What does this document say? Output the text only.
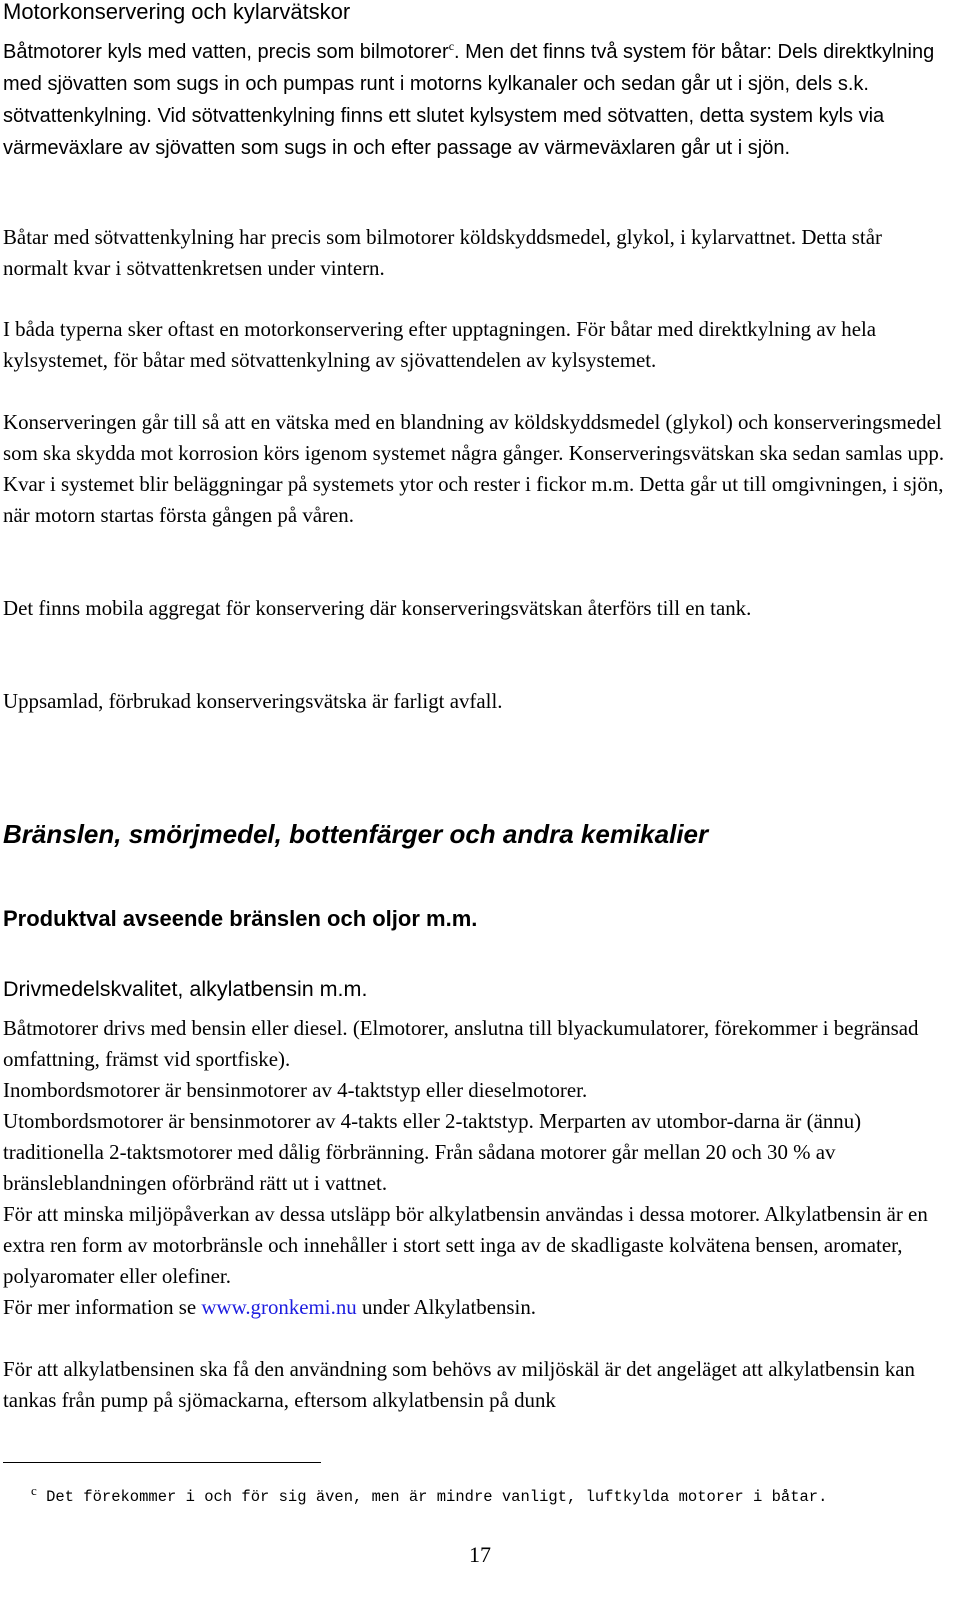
Motorkonservering och kylarvätskor

Båtmotorer kyls med vatten, precis som bilmotorer$^c$. Men det finns två system för båtar: Dels direktkylning med sjövatten som sugs in och pumpas runt i motorns kylkanaler och sedan går ut i sjön, dels s.k. sötvattenkylning. Vid sötvattenkylning finns ett slutet kylsystem med sötvatten, detta system kyls via värmeväxlare av sjövatten som sugs in och efter passage av värmeväxlaren går ut i sjön.

Båtar med sötvattenkylning har precis som bilmotorer köldskyddsmedel, glykol, i kylarvattnet. Detta står normalt kvar i sötvattenkretsen under vintern.

I båda typerna sker oftast en motorkonservering efter upptagningen. För båtar med direktkylning av hela kylsystemet, för båtar med sötvattenkylning av sjövattendelen av kylsystemet.

Konserveringen går till så att en vätska med en blandning av köldskyddsmedel (glykol) och konserveringsmedel som ska skydda mot korrosion körs igenom systemet några gånger. Konserveringsvätskan ska sedan samlas upp. Kvar i systemet blir beläggningar på systemets ytor och rester i fickor m.m. Detta går ut till omgivningen, i sjön, när motorn startas första gången på våren.

Det finns mobila aggregat för konservering där konserveringsvätskan återförs till en tank.

Uppsamlad, förbrukad konserveringsvätska är farligt avfall.

Bränslen, smörjmedel, bottenfärger och andra kemikalier
Produktval avseende bränslen och oljor m.m.
Drivmedelskvalitet, alkylatbensin m.m.

Båtmotorer drivs med bensin eller diesel. (Elmotorer, anslutna till blyackumulatorer, förekommer i begränsad omfattning, främst vid sportfiske).

Inombordsmotorer är bensinmotorer av 4-taktstyp eller dieselmotorer.

Utombordsmotorer är bensinmotorer av 4-takts eller 2-taktstyp. Merparten av utombor-darna är (ännu) traditionella 2-taktsmotorer med dålig förbränning. Från sådana motorer går mellan 20 och 30 % av bränsleblandningen oförbränd rätt ut i vattnet.

För att minska miljöpåverkan av dessa utsläpp bör alkylatbensin användas i dessa motorer. Alkylatbensin är en extra ren form av motorbränsle och innehåller i stort sett inga av de skadligaste kolvätena bensen, aromater, polyaromater eller olefiner.

För mer information se www.gronkemi.nu under Alkylatbensin.

För att alkylatbensinen ska få den användning som behövs av miljöskäl är det angeläget att alkylatbensin kan tankas från pump på sjömackarna, eftersom alkylatbensin på dunk

$^c$ Det förekommer i och för sig även, men är mindre vanligt, luftkylda motorer i båtar.
17
